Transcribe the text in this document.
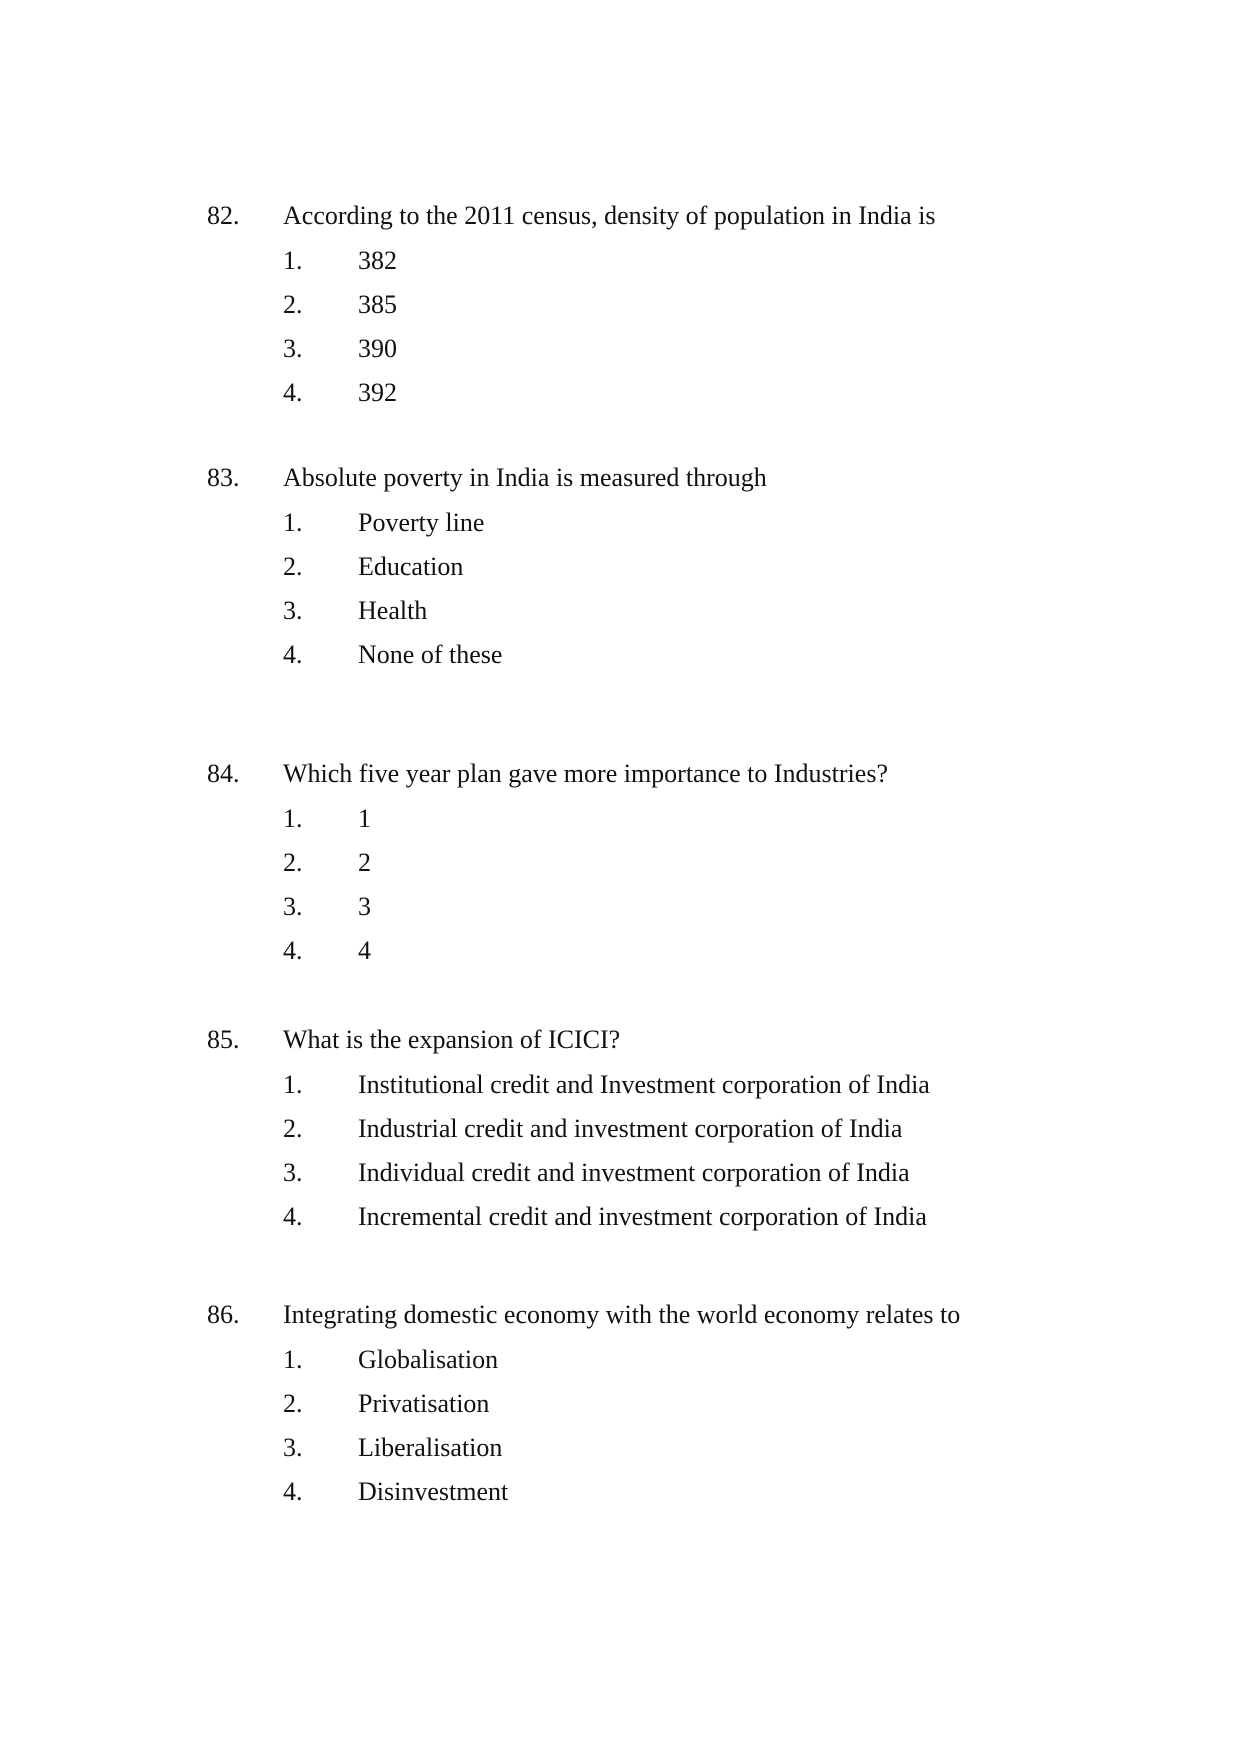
82. According to the 2011 census, density of population in India is
1. 382
2. 385
3. 390
4. 392
83. Absolute poverty in India is measured through
1. Poverty line
2. Education
3. Health
4. None of these
84. Which five year plan gave more importance to Industries?
1. 1
2. 2
3. 3
4. 4
85. What is the expansion of ICICI?
1. Institutional credit and Investment corporation of India
2. Industrial credit and investment corporation of India
3. Individual credit and investment corporation of India
4. Incremental credit and investment corporation of India
86. Integrating domestic economy with the world economy relates to
1. Globalisation
2. Privatisation
3. Liberalisation
4. Disinvestment
